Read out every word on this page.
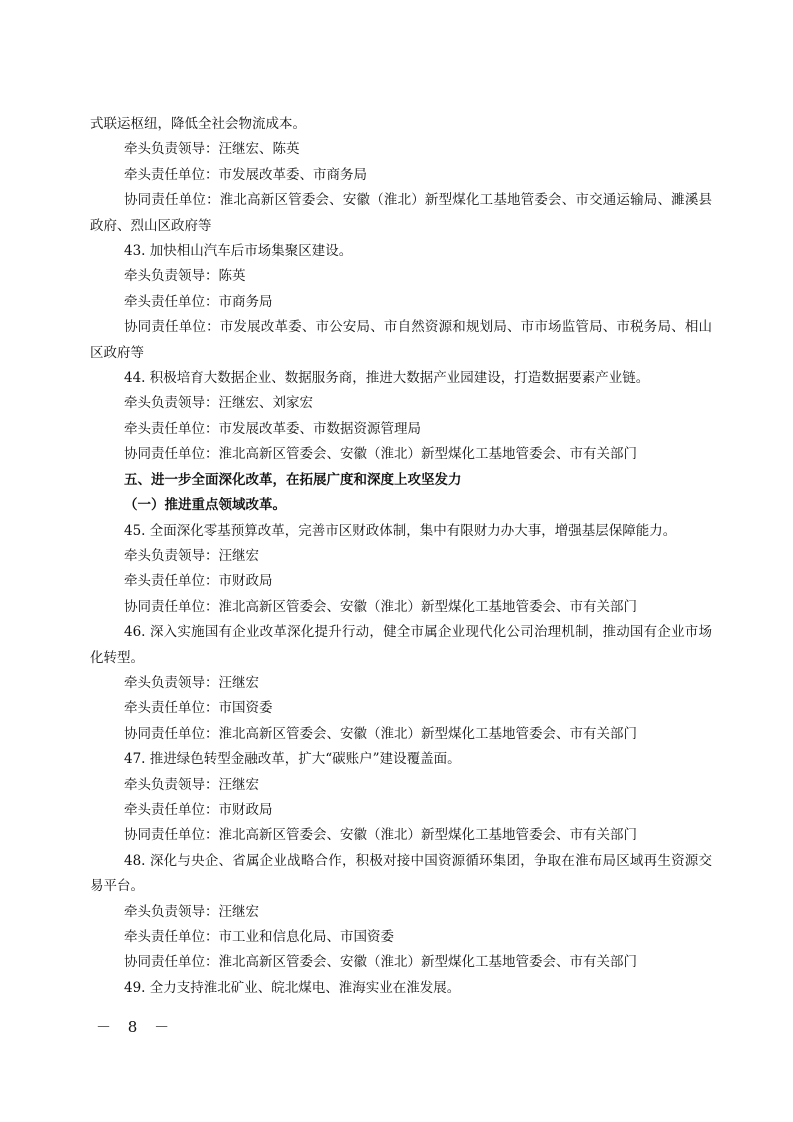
式联运枢纽，降低全社会物流成本。

牵头负责领导：汪继宏、陈英

牵头责任单位：市发展改革委、市商务局

协同责任单位：淮北高新区管委会、安徽（淮北）新型煤化工基地管委会、市交通运输局、濉溪县政府、烈山区政府等

43. 加快相山汽车后市场集聚区建设。

牵头负责领导：陈英

牵头责任单位：市商务局

协同责任单位：市发展改革委、市公安局、市自然资源和规划局、市市场监管局、市税务局、相山区政府等

44. 积极培育大数据企业、数据服务商，推进大数据产业园建设，打造数据要素产业链。

牵头负责领导：汪继宏、刘家宏

牵头责任单位：市发展改革委、市数据资源管理局

协同责任单位：淮北高新区管委会、安徽（淮北）新型煤化工基地管委会、市有关部门

五、进一步全面深化改革，在拓展广度和深度上攻坚发力

（一）推进重点领域改革。

45. 全面深化零基预算改革，完善市区财政体制，集中有限财力办大事，增强基层保障能力。

牵头负责领导：汪继宏

牵头责任单位：市财政局

协同责任单位：淮北高新区管委会、安徽（淮北）新型煤化工基地管委会、市有关部门

46. 深入实施国有企业改革深化提升行动，健全市属企业现代化公司治理机制，推动国有企业市场化转型。

牵头负责领导：汪继宏

牵头责任单位：市国资委

协同责任单位：淮北高新区管委会、安徽（淮北）新型煤化工基地管委会、市有关部门

47. 推进绿色转型金融改革，扩大“碳账户”建设覆盖面。

牵头负责领导：汪继宏

牵头责任单位：市财政局

协同责任单位：淮北高新区管委会、安徽（淮北）新型煤化工基地管委会、市有关部门

48. 深化与央企、省属企业战略合作，积极对接中国资源循环集团，争取在淮布局区域再生资源交易平台。

牵头负责领导：汪继宏

牵头责任单位：市工业和信息化局、市国资委

协同责任单位：淮北高新区管委会、安徽（淮北）新型煤化工基地管委会、市有关部门

49. 全力支持淮北矿业、皖北煤电、淮海实业在淮发展。

－ 8 －
